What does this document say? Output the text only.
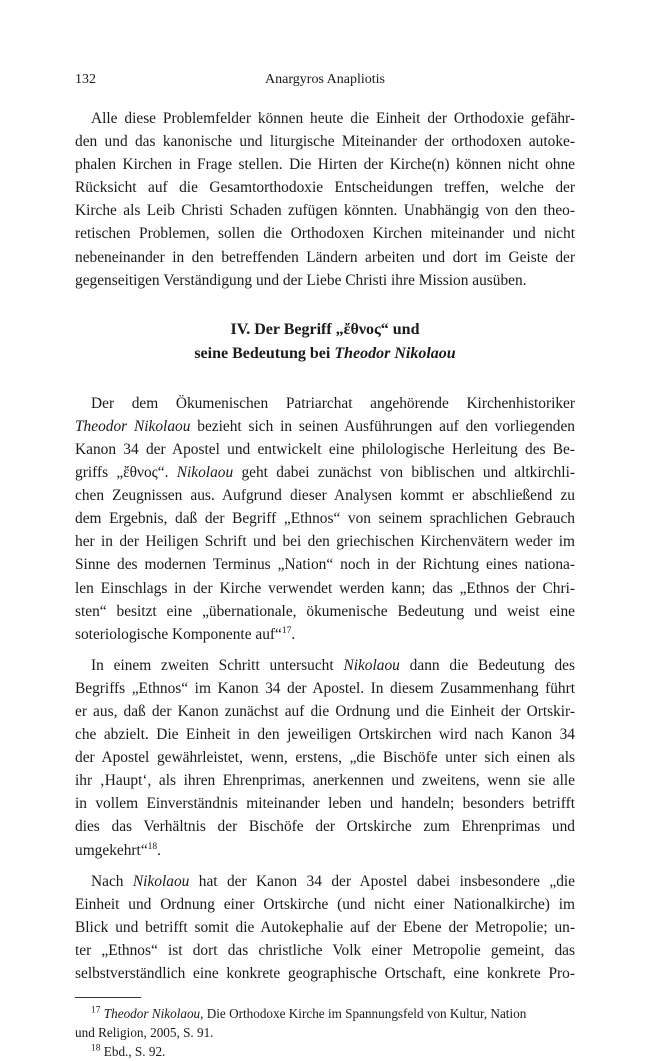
132	Anargyros Anapliotis

Alle diese Problemfelder können heute die Einheit der Orthodoxie gefähr-
den und das kanonische und liturgische Miteinander der orthodoxen autoke-
phalen Kirchen in Frage stellen. Die Hirten der Kirche(n) können nicht ohne
Rücksicht auf die Gesamtorthodoxie Entscheidungen treffen, welche der
Kirche als Leib Christi Schaden zufügen könnten. Unabhängig von den theo-
retischen Problemen, sollen die Orthodoxen Kirchen miteinander und nicht
nebeneinander in den betreffenden Ländern arbeiten und dort im Geiste der
gegenseitigen Verständigung und der Liebe Christi ihre Mission ausüben.

IV. Der Begriff „ἔθνος“ und
seine Bedeutung bei Theodor Nikolaou

Der dem Ökumenischen Patriarchat angehörende Kirchenhistoriker
Theodor Nikolaou bezieht sich in seinen Ausführungen auf den vorliegenden
Kanon 34 der Apostel und entwickelt eine philologische Herleitung des Be-
griffs „ἔθνος“. Nikolaou geht dabei zunächst von biblischen und altkirchli-
chen Zeugnissen aus. Aufgrund dieser Analysen kommt er abschließend zu
dem Ergebnis, daß der Begriff „Ethnos“ von seinem sprachlichen Gebrauch
her in der Heiligen Schrift und bei den griechischen Kirchenvätern weder im
Sinne des modernen Terminus „Nation“ noch in der Richtung eines nationa-
len Einschlags in der Kirche verwendet werden kann; das „Ethnos der Chri-
sten“ besitzt eine „übernationale, ökumenische Bedeutung und weist eine
soteriologische Komponente auf“$^{17}$.

In einem zweiten Schritt untersucht Nikolaou dann die Bedeutung des
Begriffs „Ethnos“ im Kanon 34 der Apostel. In diesem Zusammenhang führt
er aus, daß der Kanon zunächst auf die Ordnung und die Einheit der Ortskir-
che abzielt. Die Einheit in den jeweiligen Ortskirchen wird nach Kanon 34
der Apostel gewährleistet, wenn, erstens, „die Bischöfe unter sich einen als
ihr ‚Haupt‘, als ihren Ehrenprimas, anerkennen und zweitens, wenn sie alle
in vollem Einverständnis miteinander leben und handeln; besonders betrifft
dies das Verhältnis der Bischöfe der Ortskirche zum Ehrenprimas und
umgekehrt“$^{18}$.

Nach Nikolaou hat der Kanon 34 der Apostel dabei insbesondere „die
Einheit und Ordnung einer Ortskirche (und nicht einer Nationalkirche) im
Blick und betrifft somit die Autokephalie auf der Ebene der Metropolie; un-
ter „Ethnos“ ist dort das christliche Volk einer Metropolie gemeint, das
selbstverständlich eine konkrete geographische Ortschaft, eine konkrete Pro-

$^{17}$ Theodor Nikolaou, Die Orthodoxe Kirche im Spannungsfeld von Kultur, Nation
und Religion, 2005, S. 91.

$^{18}$ Ebd., S. 92.
